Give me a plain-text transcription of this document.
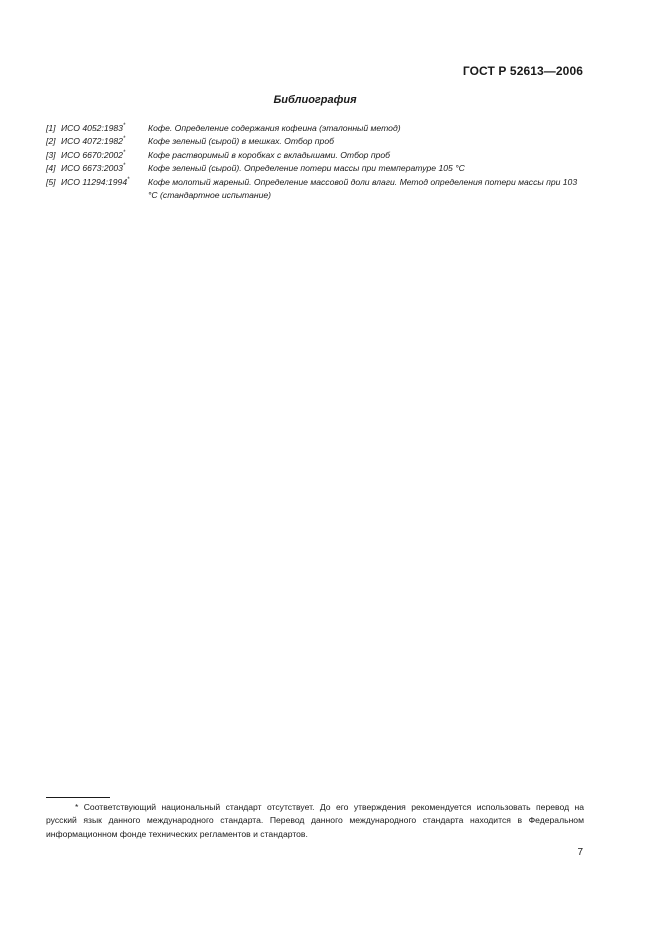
ГОСТ Р 52613—2006
Библиография
[1] ИСО 4052:1983*	Кофе. Определение содержания кофеина (эталонный метод)
[2] ИСО 4072:1982*	Кофе зеленый (сырой) в мешках. Отбор проб
[3] ИСО 6670:2002*	Кофе растворимый в коробках с вкладышами. Отбор проб
[4] ИСО 6673:2003*	Кофе зеленый (сырой). Определение потери массы при температуре 105 °С
[5] ИСО 11294:1994*	Кофе молотый жареный. Определение массовой доли влаги. Метод определения потери массы при 103 °С (стандартное испытание)
* Соответствующий национальный стандарт отсутствует. До его утверждения рекомендуется использовать перевод на русский язык данного международного стандарта. Перевод данного международного стандарта находится в Федеральном информационном фонде технических регламентов и стандартов.
7
